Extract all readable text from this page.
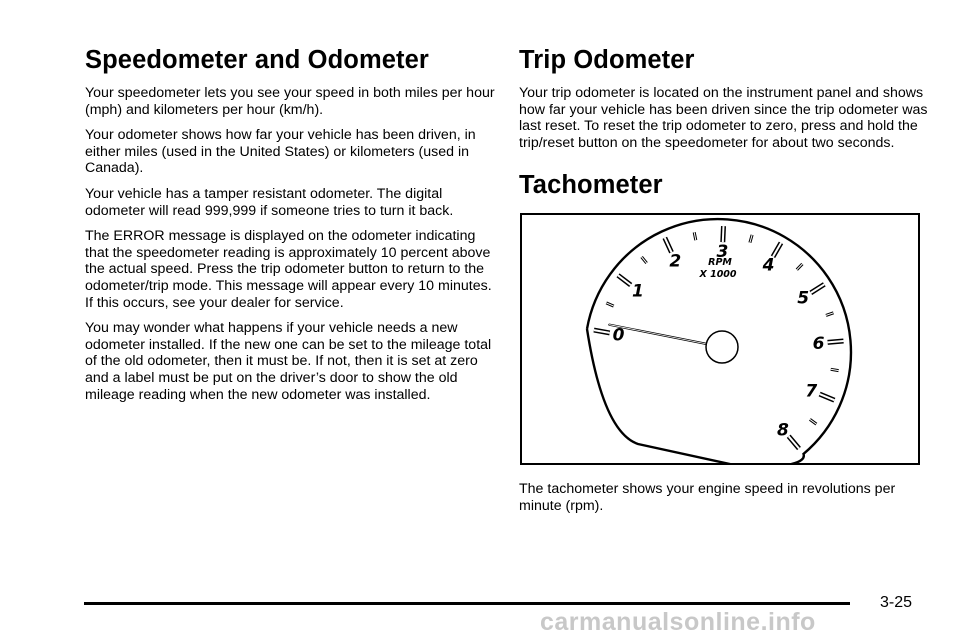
Speedometer and Odometer

Your speedometer lets you see your speed in both miles per hour (mph) and kilometers per hour (km/h).

Your odometer shows how far your vehicle has been driven, in either miles (used in the United States) or kilometers (used in Canada).

Your vehicle has a tamper resistant odometer. The digital odometer will read 999,999 if someone tries to turn it back.

The ERROR message is displayed on the odometer indicating that the speedometer reading is approximately 10 percent above the actual speed. Press the trip odometer button to return to the odometer/trip mode. This message will appear every 10 minutes. If this occurs, see your dealer for service.

You may wonder what happens if your vehicle needs a new odometer installed. If the new one can be set to the mileage total of the old odometer, then it must be. If not, then it is set at zero and a label must be put on the driver’s door to show the old mileage reading when the new odometer was installed.

Trip Odometer

Your trip odometer is located on the instrument panel and shows how far your vehicle has been driven since the trip odometer was last reset. To reset the trip odometer to zero, press and hold the trip/reset button on the speedometer for about two seconds.

Tachometer
0
1
2 3
4
5
6
7
8
RPM
X 1000

The tachometer shows your engine speed in revolutions per minute (rpm).

3-25
carmanualsonline.info
